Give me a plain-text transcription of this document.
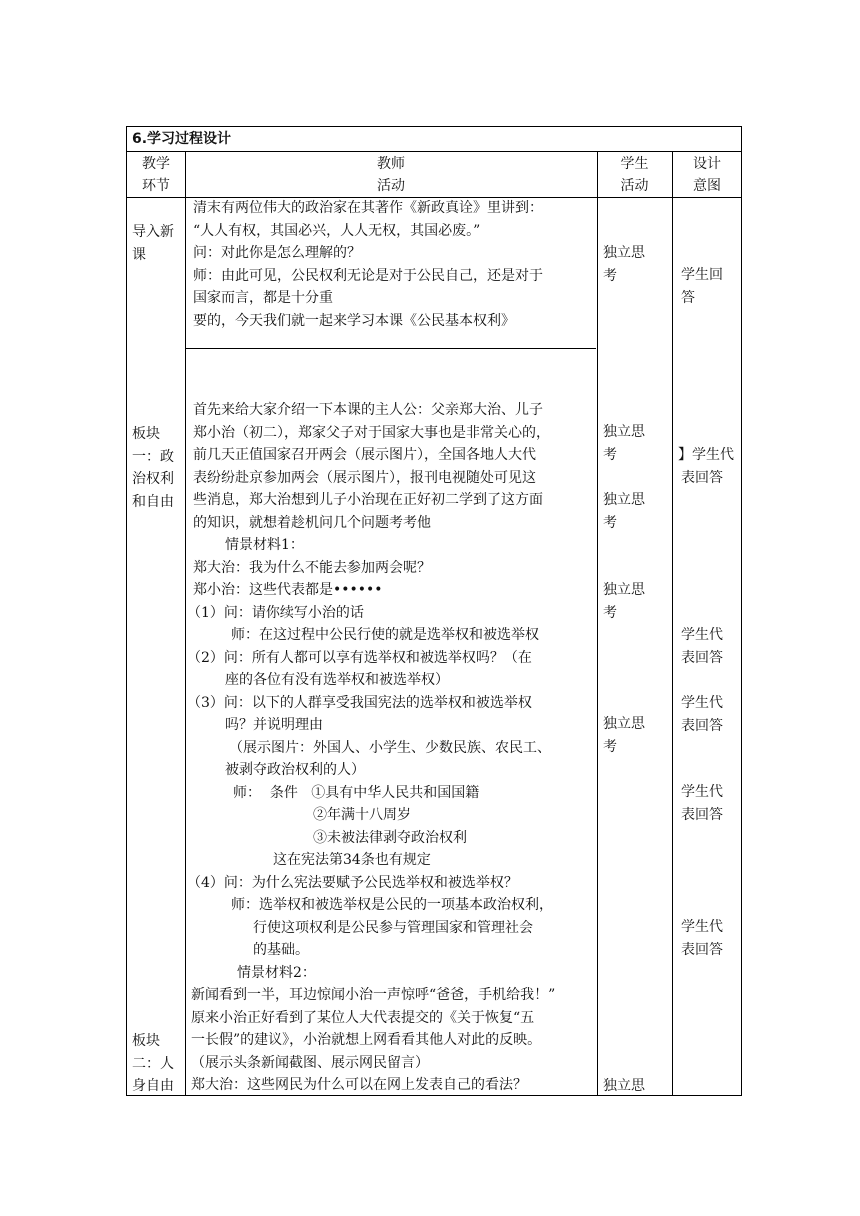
6.学习过程设计
教学
环节
教师
活动
学生
活动
设计
意图
导入新
课
板块
一：政
治权利
和自由
板块
二：人
身自由
清末有两位伟大的政治家在其著作《新政真诠》里讲到：
“人人有权，其国必兴，人人无权，其国必废。”
问：对此你是怎么理解的？
师：由此可见，公民权利无论是对于公民自己，还是对于
国家而言，都是十分重
要的，今天我们就一起来学习本课《公民基本权利》
首先来给大家介绍一下本课的主人公：父亲郑大治、儿子
郑小治（初二），郑家父子对于国家大事也是非常关心的，
前几天正值国家召开两会（展示图片），全国各地人大代
表纷纷赴京参加两会（展示图片），报刊电视随处可见这
些消息，郑大治想到儿子小治现在正好初二学到了这方面
的知识，就想着趁机问几个问题考考他
情景材料1：
郑大治：我为什么不能去参加两会呢？
郑小治：这些代表都是••••••
（1）问：请你续写小治的话
师：在这过程中公民行使的就是选举权和被选举权
（2）问：所有人都可以享有选举权和被选举权吗？（在
座的各位有没有选举权和被选举权）
（3）问：以下的人群享受我国宪法的选举权和被选举权
吗？并说明理由
（展示图片：外国人、小学生、少数民族、农民工、
被剥夺政治权利的人）
师：  条件   ①具有中华人民共和国国籍
②年满十八周岁
③未被法律剥夺政治权利
这在宪法第34条也有规定
（4）问：为什么宪法要赋予公民选举权和被选举权？
师：选举权和被选举权是公民的一项基本政治权利，
行使这项权利是公民参与管理国家和管理社会
的基础。
情景材料2：
新闻看到一半，耳边惊闻小治一声惊呼“爸爸，手机给我！”
原来小治正好看到了某位人大代表提交的《关于恢复“五
一长假”的建议》，小治就想上网看看其他人对此的反映。
（展示头条新闻截图、展示网民留言）
郑大治：这些网民为什么可以在网上发表自己的看法？
独立思
考
独立思
考
独立思
考
独立思
考
独立思
考
独立思
学生回
答
】学生代
表回答
学生代
表回答
学生代
表回答
学生代
表回答
学生代
表回答
